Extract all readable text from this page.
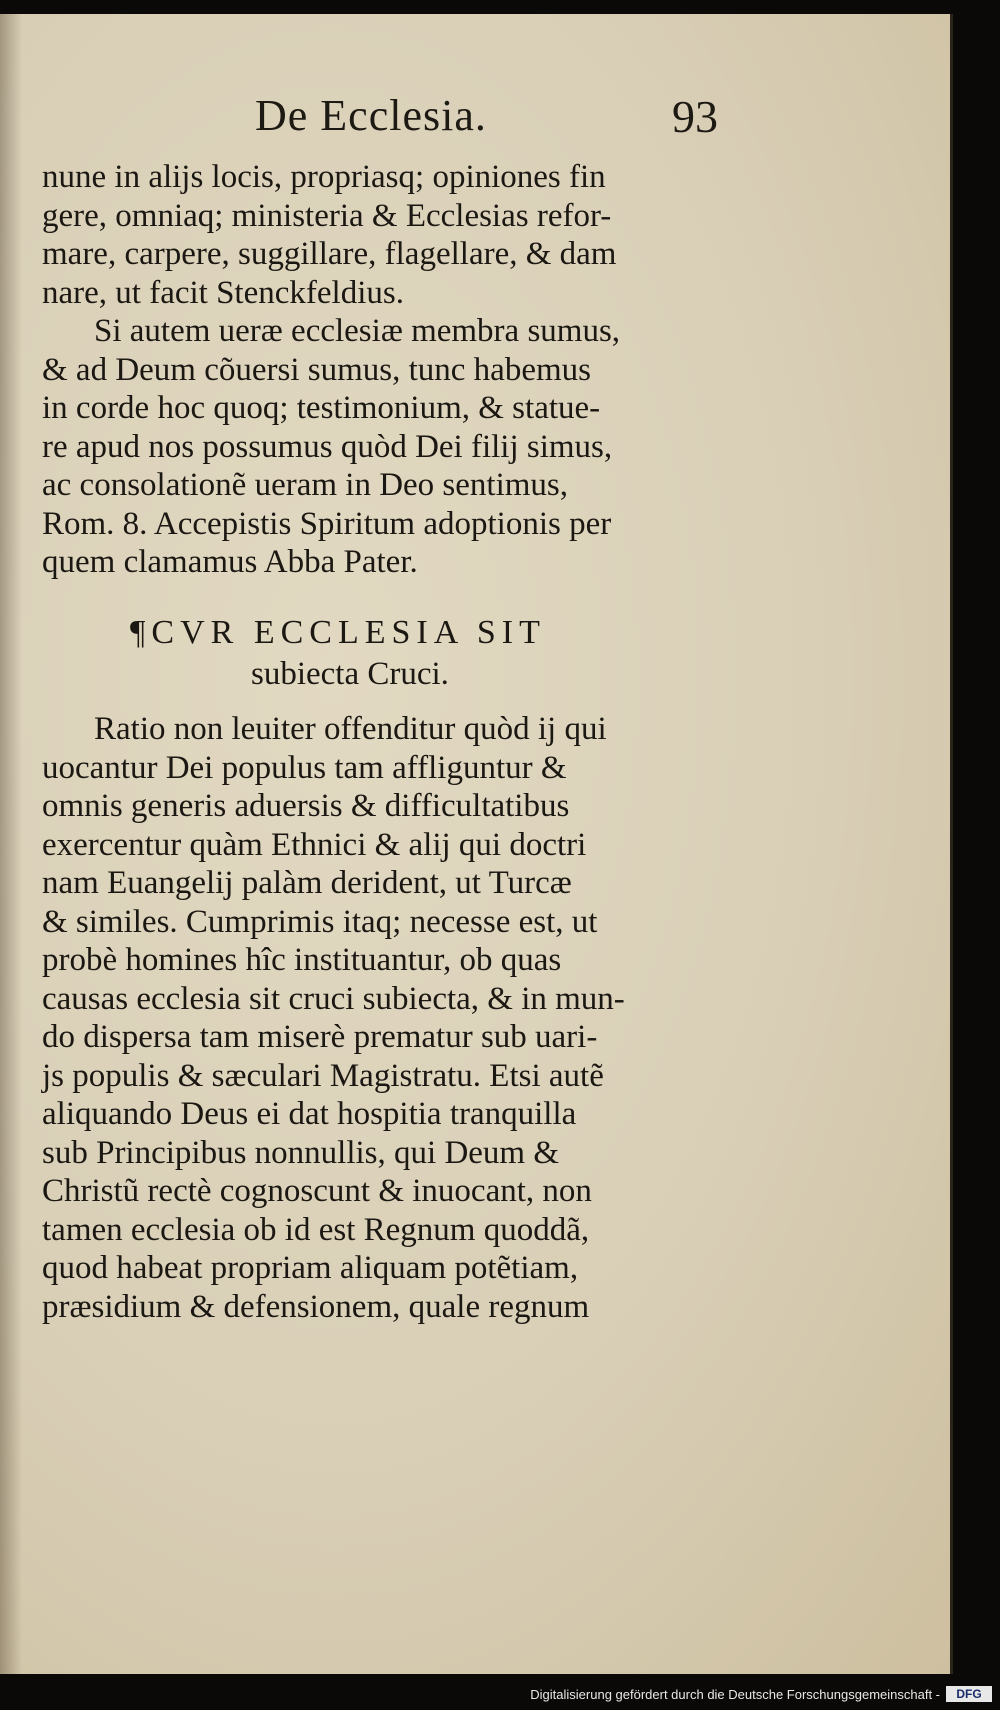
De Ecclesia.	93
nune in alijs locis, propriasq; opiniones fin
gere, omniaq; ministeria & Ecclesias refor-
mare, carpere, suggillare, flagellare, & dam
nare, ut facit Stenckfeldius.
Si autem ueræ ecclesiæ membra sumus,
& ad Deum cõuersi sumus, tunc habemus
in corde hoc quoq; testimonium, & statue-
re apud nos possumus quòd Dei filij simus,
ac consolationẽ ueram in Deo sentimus,
Rom. 8. Accepistis Spiritum adoptionis per
quem clamamus Abba Pater.
¶CVR ECCLESIA SIT
subiecta Cruci.
Ratio non leuiter offenditur quòd ij qui
uocantur Dei populus tam affliguntur &
omnis generis aduersis & difficultatibus
exercentur quàm Ethnici & alij qui doctri
nam Euangelij palàm derident, ut Turcæ
& similes. Cumprimis itaq; necesse est, ut
probè homines hîc instituantur, ob quas
causas ecclesia sit cruci subiecta, & in mun-
do dispersa tam miserè prematur sub uari-
js populis & sæculari Magistratu. Etsi autẽ
aliquando Deus ei dat hospitia tranquilla
sub Principibus nonnullis, qui Deum &
Christũ rectè cognoscunt & inuocant, non
tamen ecclesia ob id est Regnum quoddã,
quod habeat propriam aliquam potẽtiam,
præsidium & defensionem, quale regnum
Digitalisierung gefördert durch die Deutsche Forschungsgemeinschaft -	DFG
